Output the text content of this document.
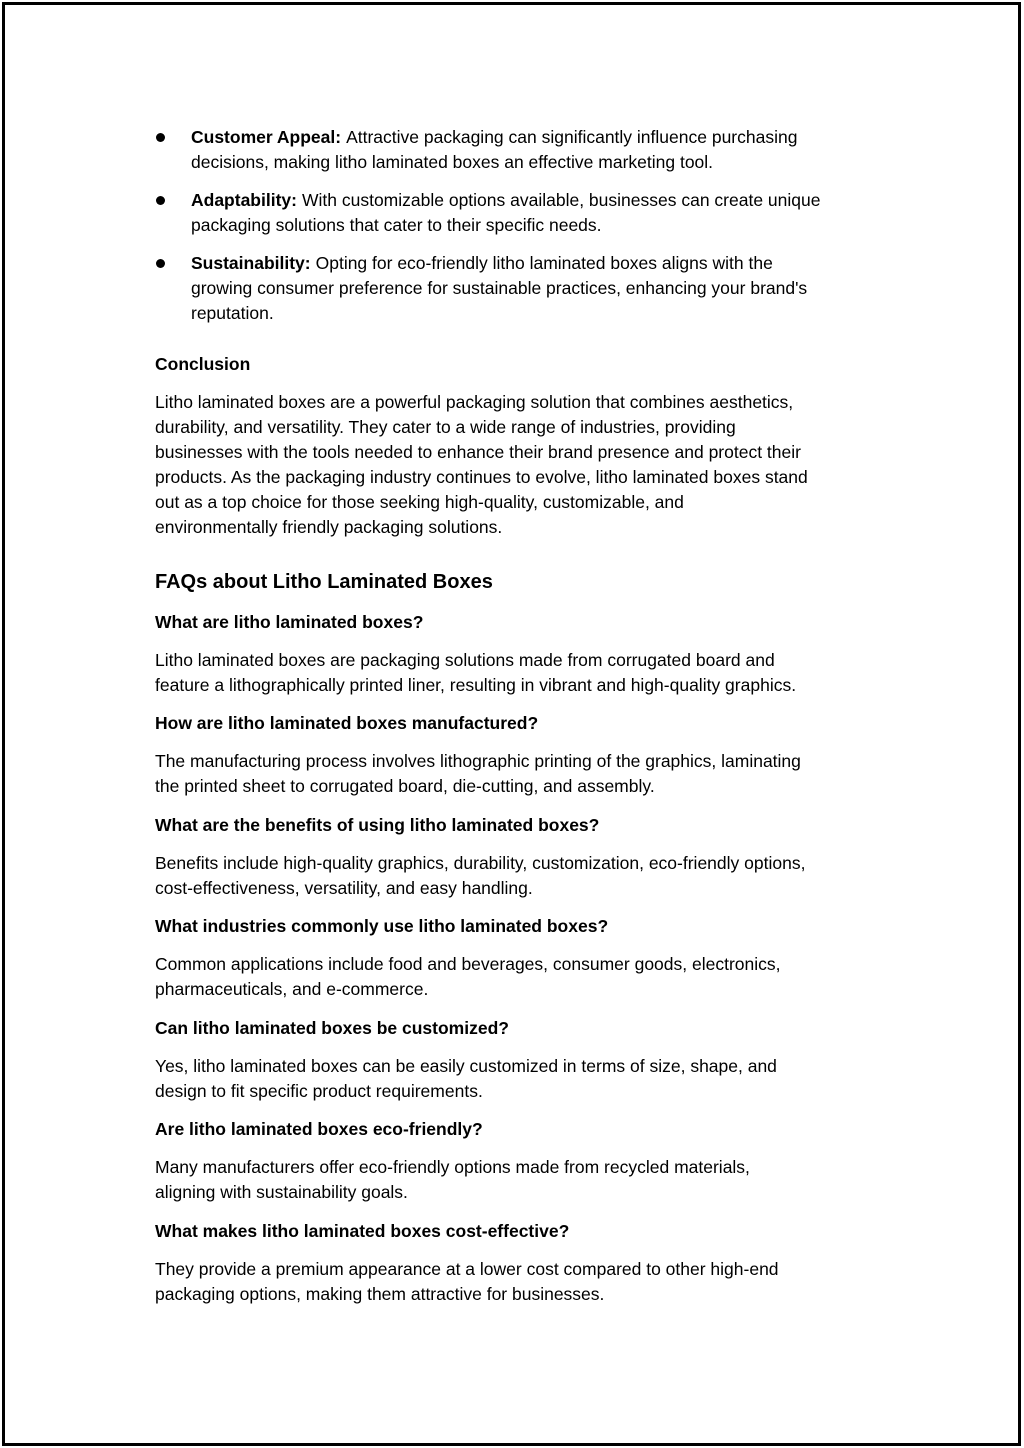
Customer Appeal: Attractive packaging can significantly influence purchasing
decisions, making litho laminated boxes an effective marketing tool.
Adaptability: With customizable options available, businesses can create unique
packaging solutions that cater to their specific needs.
Sustainability: Opting for eco-friendly litho laminated boxes aligns with the
growing consumer preference for sustainable practices, enhancing your brand's
reputation.
Conclusion
Litho laminated boxes are a powerful packaging solution that combines aesthetics,
durability, and versatility. They cater to a wide range of industries, providing
businesses with the tools needed to enhance their brand presence and protect their
products. As the packaging industry continues to evolve, litho laminated boxes stand
out as a top choice for those seeking high-quality, customizable, and
environmentally friendly packaging solutions.
FAQs about Litho Laminated Boxes
What are litho laminated boxes?
Litho laminated boxes are packaging solutions made from corrugated board and
feature a lithographically printed liner, resulting in vibrant and high-quality graphics.
How are litho laminated boxes manufactured?
The manufacturing process involves lithographic printing of the graphics, laminating
the printed sheet to corrugated board, die-cutting, and assembly.
What are the benefits of using litho laminated boxes?
Benefits include high-quality graphics, durability, customization, eco-friendly options,
cost-effectiveness, versatility, and easy handling.
What industries commonly use litho laminated boxes?
Common applications include food and beverages, consumer goods, electronics,
pharmaceuticals, and e-commerce.
Can litho laminated boxes be customized?
Yes, litho laminated boxes can be easily customized in terms of size, shape, and
design to fit specific product requirements.
Are litho laminated boxes eco-friendly?
Many manufacturers offer eco-friendly options made from recycled materials,
aligning with sustainability goals.
What makes litho laminated boxes cost-effective?
They provide a premium appearance at a lower cost compared to other high-end
packaging options, making them attractive for businesses.
